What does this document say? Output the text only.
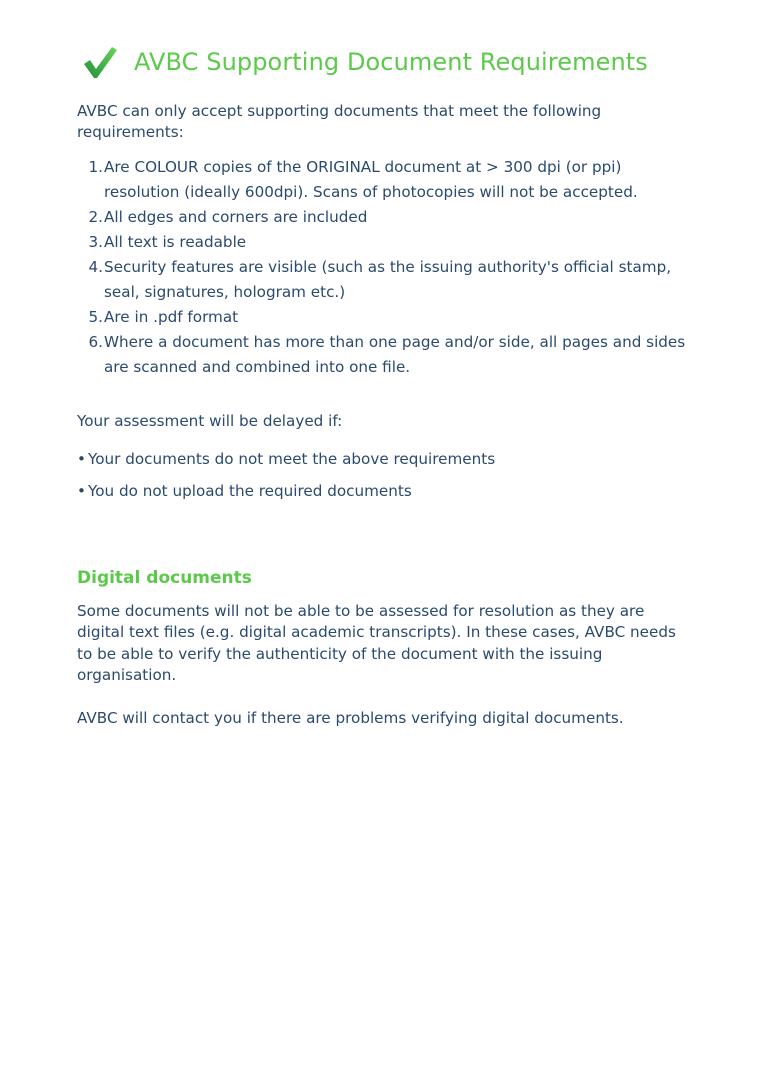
AVBC Supporting Document Requirements
AVBC can only accept supporting documents that meet the following requirements:
1. Are COLOUR copies of the ORIGINAL document at > 300 dpi (or ppi) resolution (ideally 600dpi). Scans of photocopies will not be accepted.
2. All edges and corners are included
3. All text is readable
4. Security features are visible (such as the issuing authority's official stamp, seal, signatures, hologram etc.)
5. Are in .pdf format
6. Where a document has more than one page and/or side, all pages and sides are scanned and combined into one file.
Your assessment will be delayed if:
• Your documents do not meet the above requirements
• You do not upload the required documents
Digital documents
Some documents will not be able to be assessed for resolution as they are digital text files (e.g. digital academic transcripts). In these cases, AVBC needs to be able to verify the authenticity of the document with the issuing organisation.
AVBC will contact you if there are problems verifying digital documents.
